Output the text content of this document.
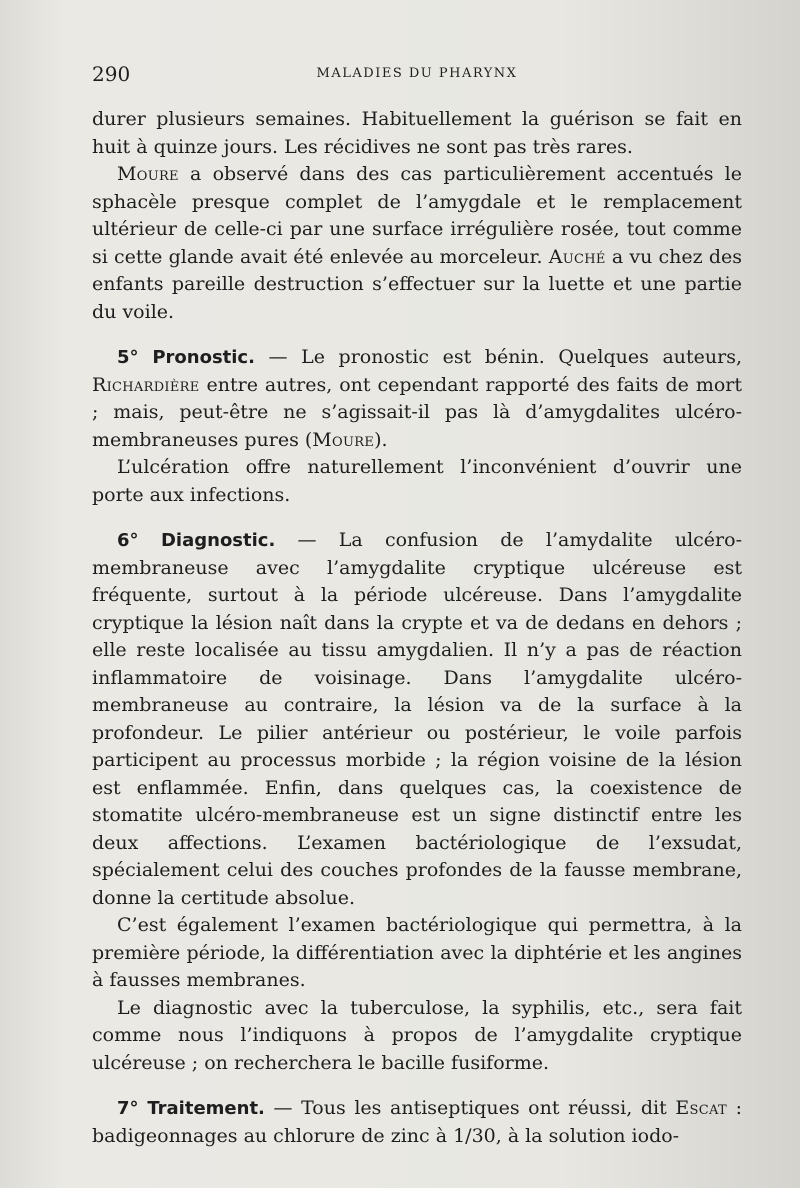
290	MALADIES DU PHARYNX

durer plusieurs semaines. Habituellement la guérison se fait en huit à quinze jours. Les récidives ne sont pas très rares.

Moure a observé dans des cas particulièrement accentués le sphacèle presque complet de l’amygdale et le remplacement ultérieur de celle-ci par une surface irrégulière rosée, tout comme si cette glande avait été enlevée au morceleur. Auché a vu chez des enfants pareille destruction s’effectuer sur la luette et une partie du voile.

5° Pronostic. — Le pronostic est bénin. Quelques auteurs, Richardière entre autres, ont cependant rapporté des faits de mort ; mais, peut-être ne s’agissait-il pas là d’amygdalites ulcéro-membraneuses pures (Moure).

L’ulcération offre naturellement l’inconvénient d’ouvrir une porte aux infections.

6° Diagnostic. — La confusion de l’amydalite ulcéro-membraneuse avec l’amygdalite cryptique ulcéreuse est fréquente, surtout à la période ulcéreuse. Dans l’amygdalite cryptique la lésion naît dans la crypte et va de dedans en dehors ; elle reste localisée au tissu amygdalien. Il n’y a pas de réaction inflammatoire de voisinage. Dans l’amygdalite ulcéro-membraneuse au contraire, la lésion va de la surface à la profondeur. Le pilier antérieur ou postérieur, le voile parfois participent au processus morbide ; la région voisine de la lésion est enflammée. Enfin, dans quelques cas, la coexistence de stomatite ulcéro-membraneuse est un signe distinctif entre les deux affections. L’examen bactériologique de l’exsudat, spécialement celui des couches profondes de la fausse membrane, donne la certitude absolue.

C’est également l’examen bactériologique qui permettra, à la première période, la différentiation avec la diphtérie et les angines à fausses membranes.

Le diagnostic avec la tuberculose, la syphilis, etc., sera fait comme nous l’indiquons à propos de l’amygdalite cryptique ulcéreuse ; on recherchera le bacille fusiforme.

7° Traitement. — Tous les antiseptiques ont réussi, dit Escat : badigeonnages au chlorure de zinc à 1/30, à la solution iodo-
